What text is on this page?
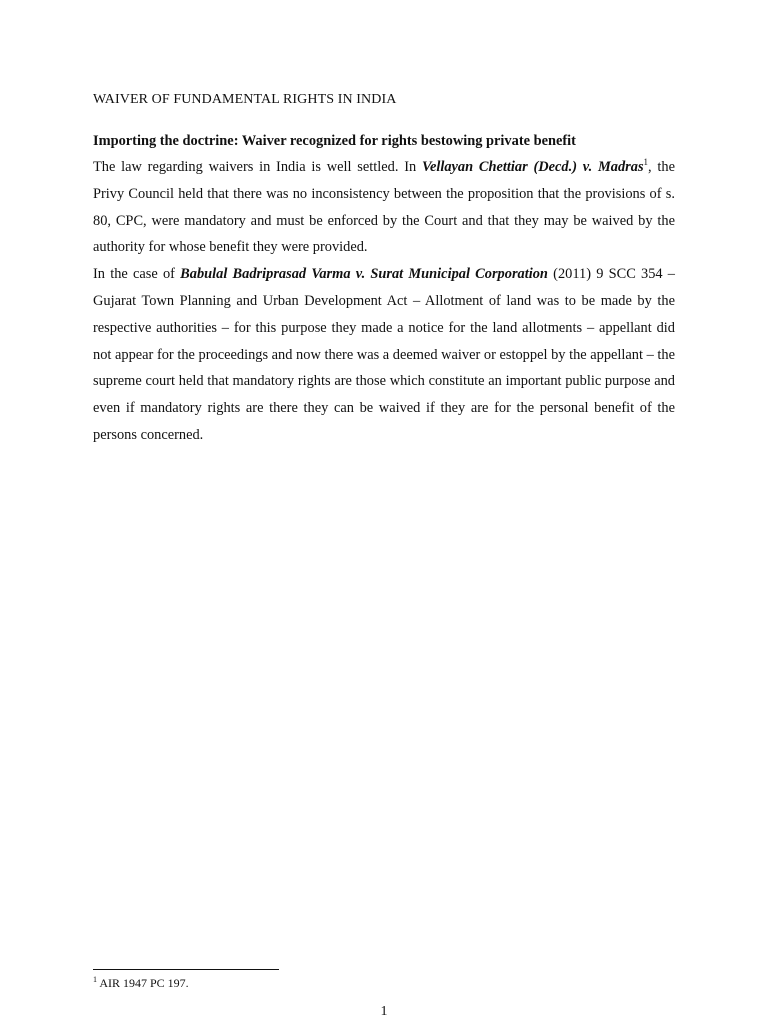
WAIVER OF FUNDAMENTAL RIGHTS IN INDIA

Importing the doctrine: Waiver recognized for rights bestowing private benefit

The law regarding waivers in India is well settled. In Vellayan Chettiar (Decd.) v. Madras$^1$, the Privy Council held that there was no inconsistency between the proposition that the provisions of s. 80, CPC, were mandatory and must be enforced by the Court and that they may be waived by the authority for whose benefit they were provided.

In the case of Babulal Badriprasad Varma v. Surat Municipal Corporation (2011) 9 SCC 354 – Gujarat Town Planning and Urban Development Act – Allotment of land was to be made by the respective authorities – for this purpose they made a notice for the land allotments – appellant did not appear for the proceedings and now there was a deemed waiver or estoppel by the appellant – the supreme court held that mandatory rights are those which constitute an important public purpose and even if mandatory rights are there they can be waived if they are for the personal benefit of the persons concerned.

$^1$ AIR 1947 PC 197.
1
